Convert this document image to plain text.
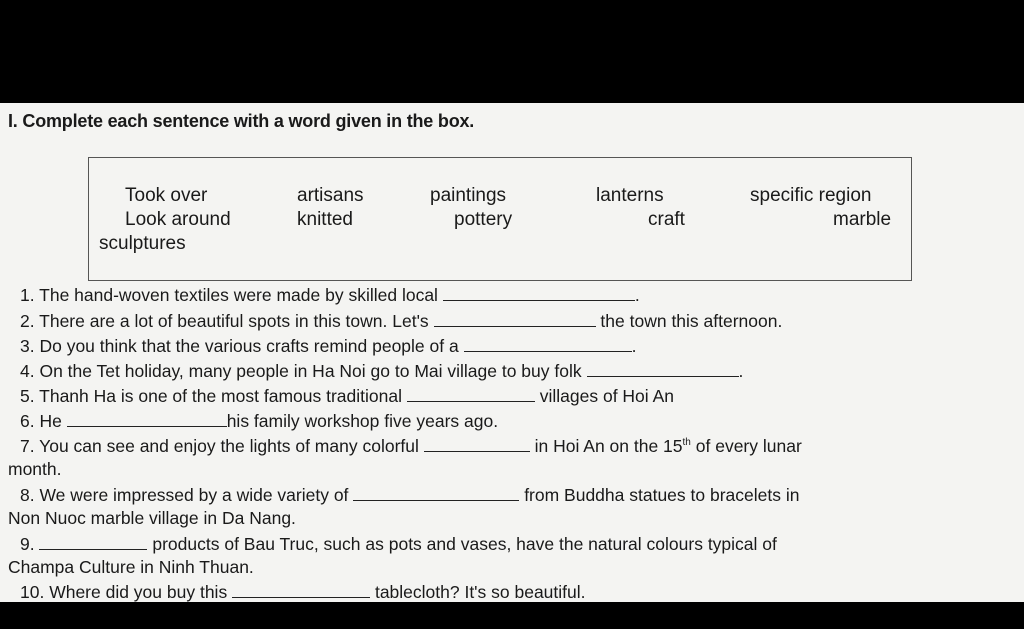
I. Complete each sentence with a word given in the box.
Took over	artisans	paintings	lanterns	specific region
Look around	knitted	pottery	craft	marble
sculptures
1. The hand-woven textiles were made by skilled local	.
2. There are a lot of beautiful spots in this town. Let's	the town this afternoon.
3. Do you think that the various crafts remind people of a	.
4. On the Tet holiday, many people in Ha Noi go to Mai village to buy folk	.
5. Thanh Ha is one of the most famous traditional	villages of Hoi An
6. He	his family workshop five years ago.
7. You can see and enjoy the lights of many colorful	in Hoi An on the 15th of every lunar
month.
8. We were impressed by a wide variety of	from Buddha statues to bracelets in
Non Nuoc marble village in Da Nang.
9.	products of Bau Truc, such as pots and vases, have the natural colours typical of
Champa Culture in Ninh Thuan.
10. Where did you buy this	tablecloth? It's so beautiful.
